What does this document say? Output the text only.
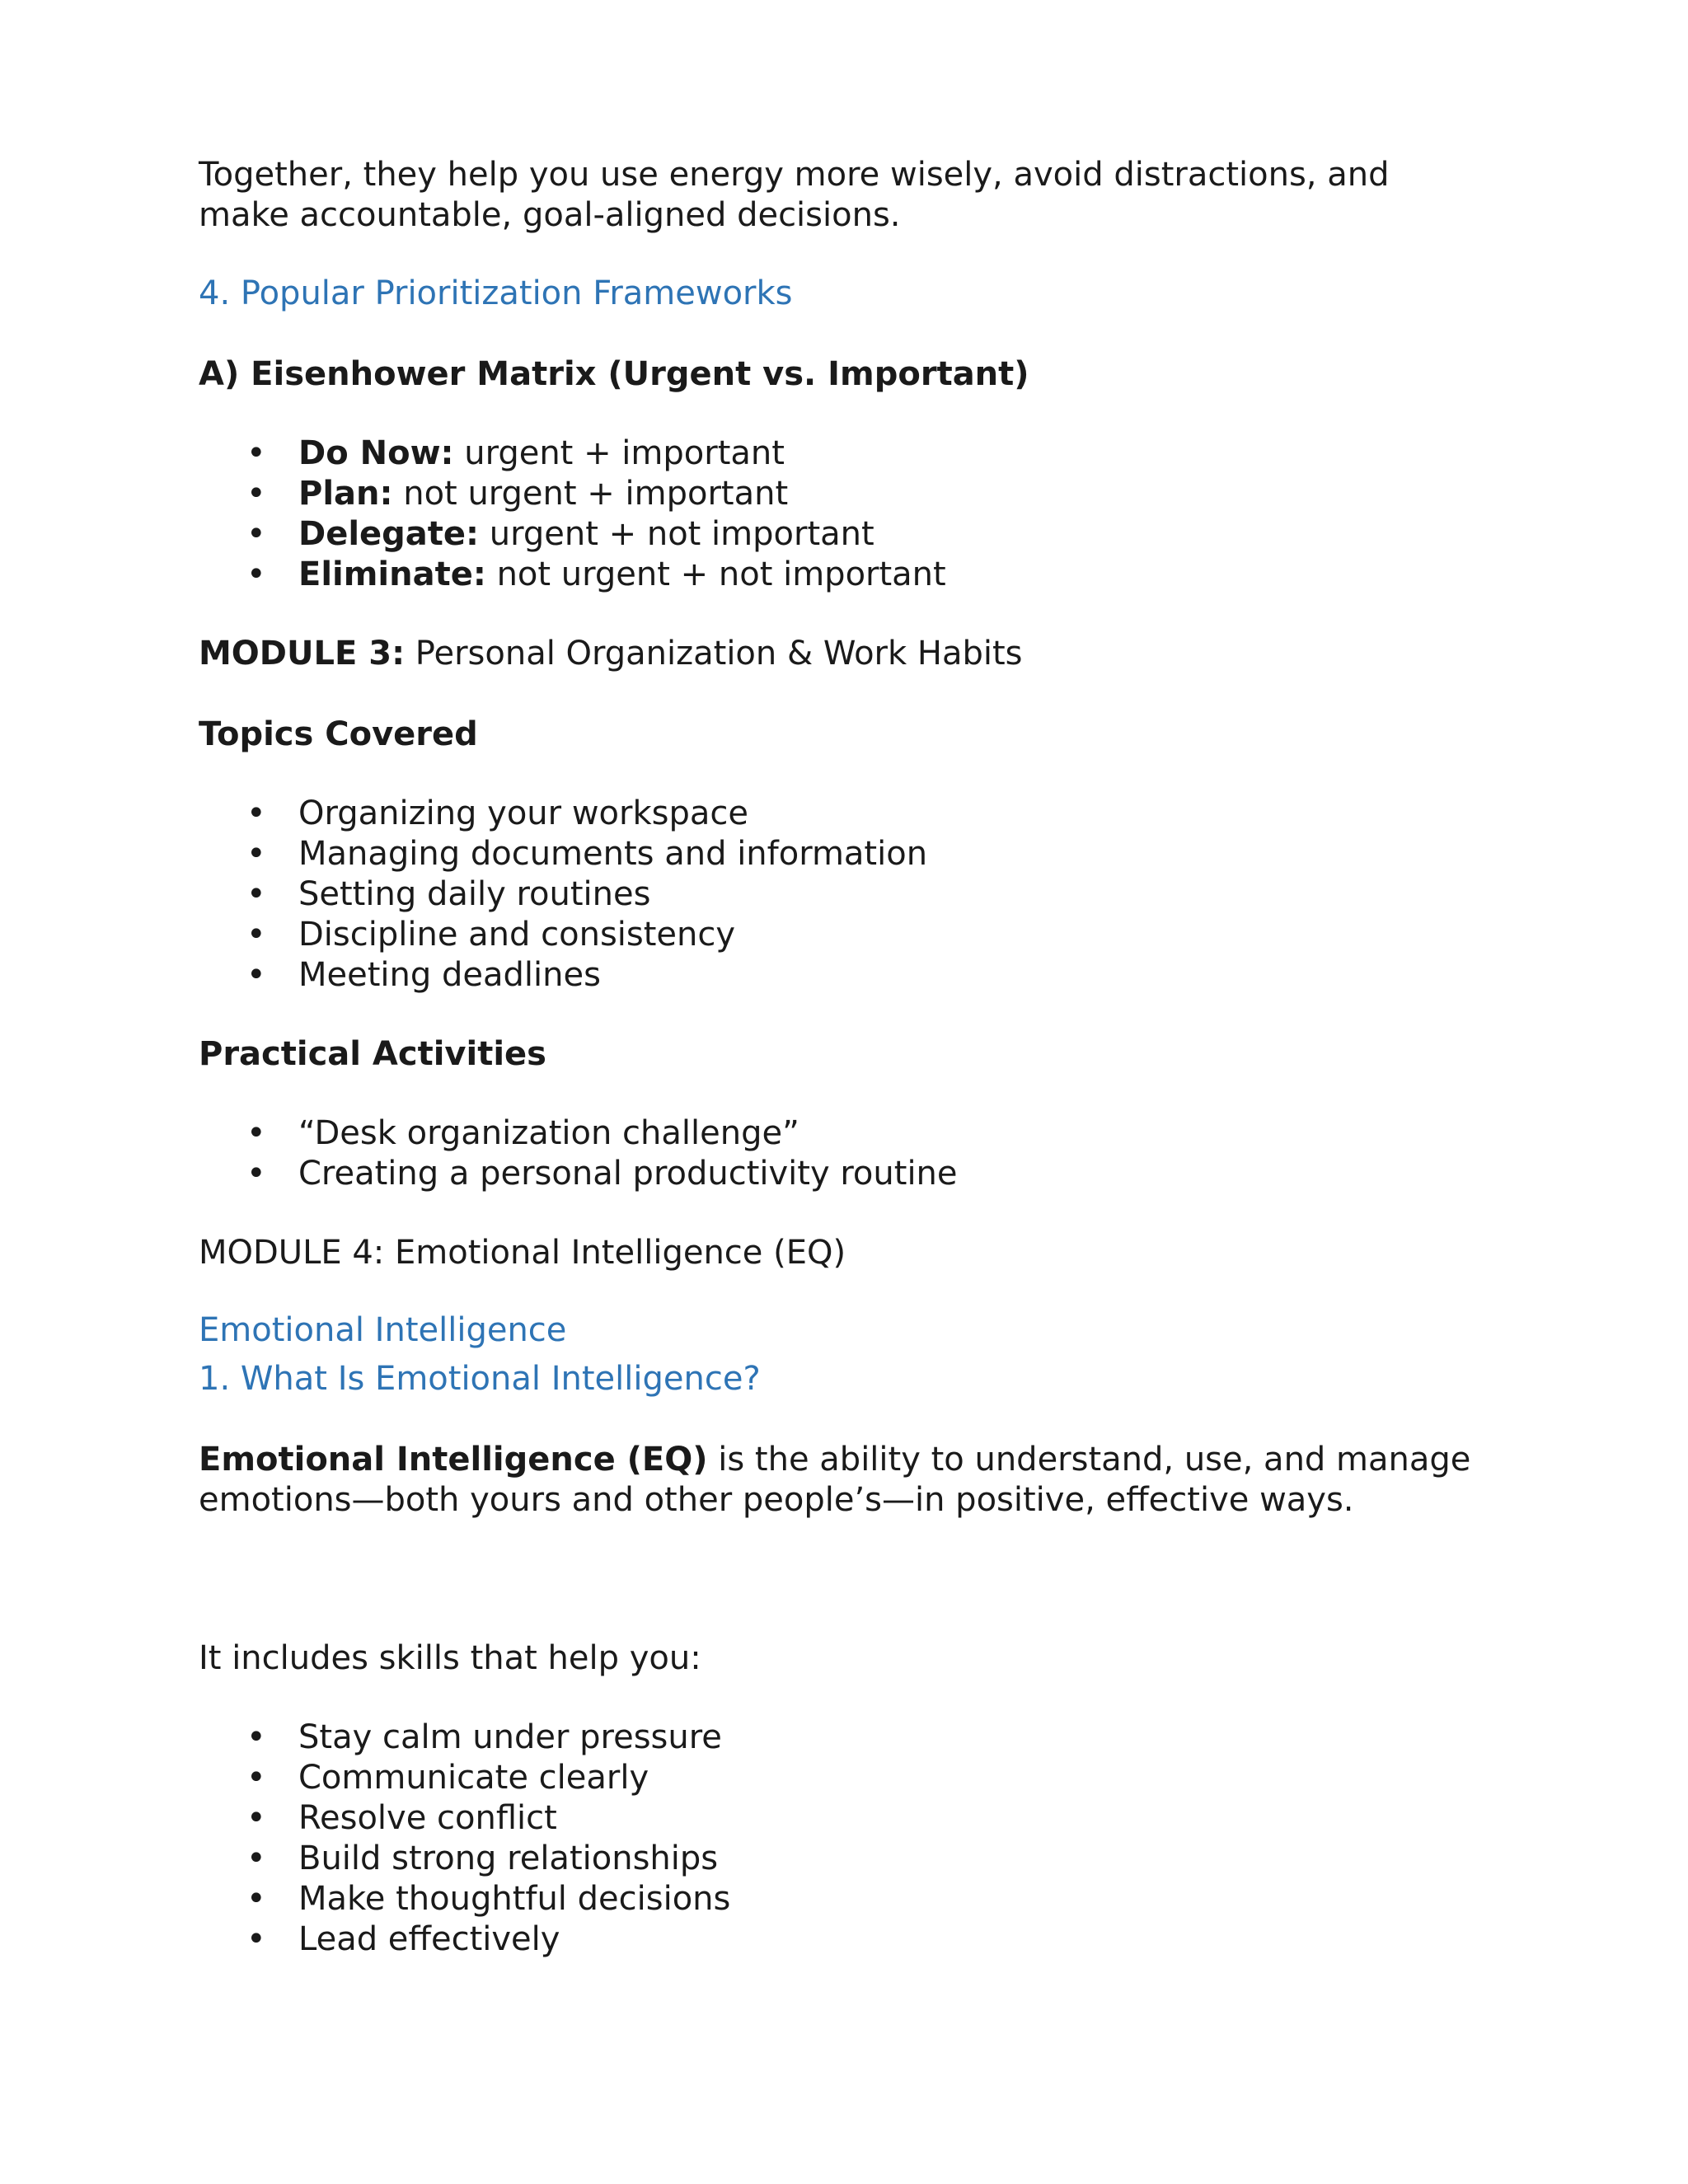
Together, they help you use energy more wisely, avoid distractions, and make accountable, goal-aligned decisions.

4. Popular Prioritization Frameworks
A) Eisenhower Matrix (Urgent vs. Important)
• Do Now: urgent + important
• Plan: not urgent + important
• Delegate: urgent + not important
• Eliminate: not urgent + not important

MODULE 3: Personal Organization & Work Habits

Topics Covered
• Organizing your workspace
• Managing documents and information
• Setting daily routines
• Discipline and consistency
• Meeting deadlines
Practical Activities
• “Desk organization challenge”
• Creating a personal productivity routine

MODULE 4: Emotional Intelligence (EQ)

Emotional Intelligence
1. What Is Emotional Intelligence?

Emotional Intelligence (EQ) is the ability to understand, use, and manage emotions—both yours and other people’s—in positive, effective ways.

It includes skills that help you:

• Stay calm under pressure
• Communicate clearly
• Resolve conflict
• Build strong relationships
• Make thoughtful decisions
• Lead effectively
